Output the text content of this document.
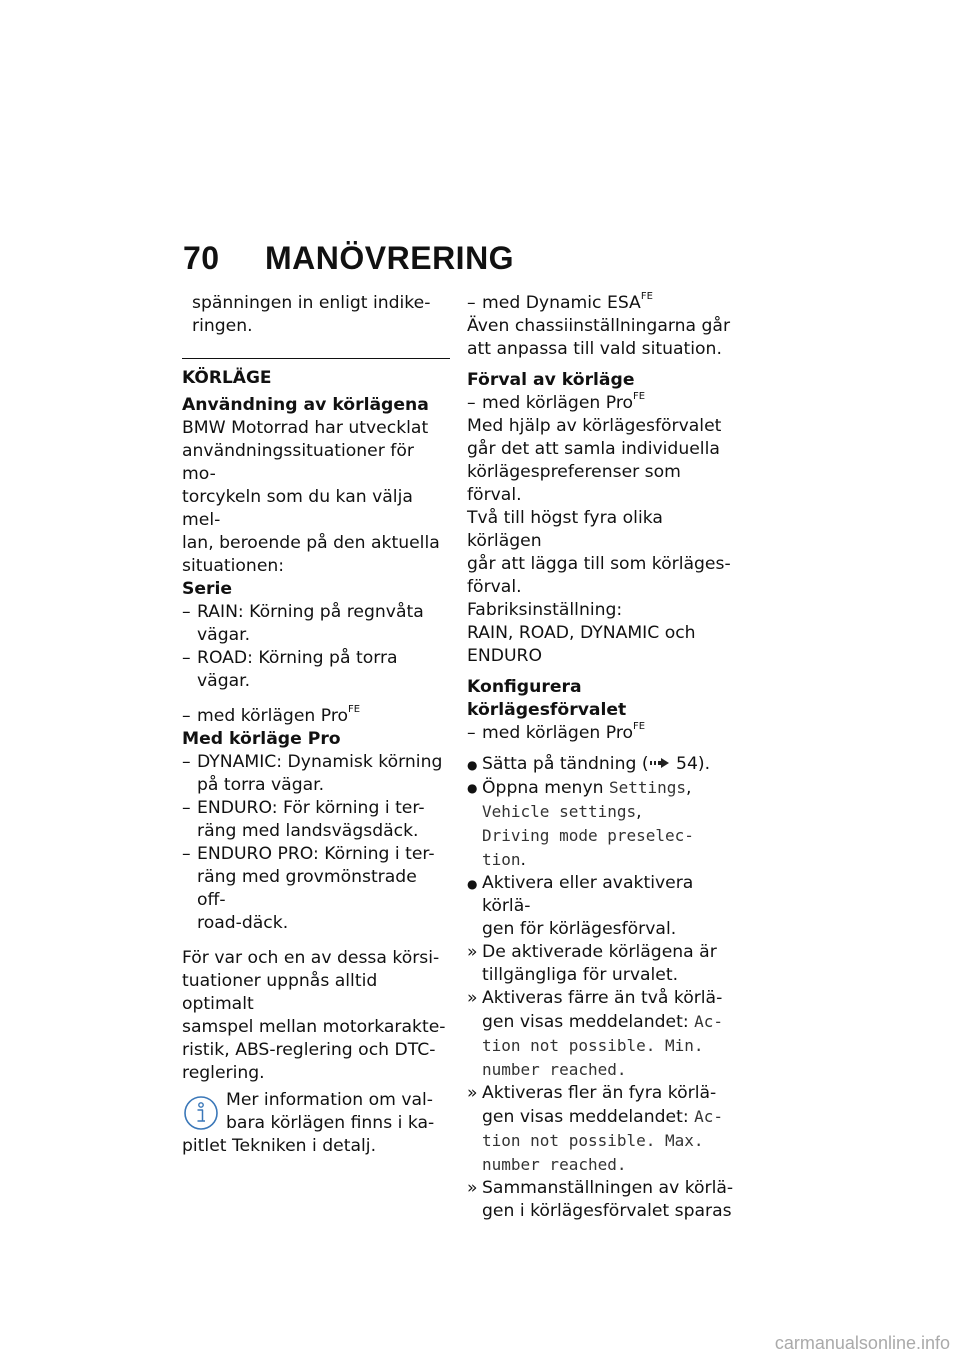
70 MANÖVRERING

spänningen in enligt indike-
ringen.

KÖRLÄGE

Användning av körlägena

BMW Motorrad har utvecklat
användningssituationer för mo-
torcykeln som du kan välja mel-
lan, beroende på den aktuella
situationen:

Serie

– RAIN: Körning på regnvåta
vägar.
– ROAD: Körning på torra vägar.

– med körlägen Pro$^{FE}$

Med körläge Pro

– DYNAMIC: Dynamisk körning
på torra vägar.
– ENDURO: För körning i ter-
räng med landsvägsdäck.
– ENDURO PRO: Körning i ter-
räng med grovmönstrade off-
road-däck.

För var och en av dessa körsi-
tuationer uppnås alltid optimalt
samspel mellan motorkarakte-
ristik, ABS-reglering och DTC-
reglering.

Mer information om val-
bara körlägen finns i ka-
pitlet Tekniken i detalj.

– med Dynamic $ESA^{FE}$

Även chassiinställningarna går
att anpassa till vald situation.

Förval av körläge

– med körlägen Pro$^{FE}$

Med hjälp av körlägesförvalet
går det att samla individuella
körlägespreferenser som förval.
Två till högst fyra olika körlägen
går att lägga till som körläges-
förval.
Fabriksinställning:
RAIN, ROAD, DYNAMIC och
ENDURO

Konfigurera körlägesförvalet

– med körlägen Pro$^{FE}$

● Sätta på tändning ( 54).
● Öppna menyn Settings,
Vehicle settings,
Driving mode preselec-
tion.
● Aktivera eller avaktivera körlä-
gen för körlägesförval.
» De aktiverade körlägena är
tillgängliga för urvalet.
» Aktiveras färre än två körlä-
gen visas meddelandet: Ac-
tion not possible. Min.
number reached.
» Aktiveras fler än fyra körlä-
gen visas meddelandet: Ac-
tion not possible. Max.
number reached.
» Sammanställningen av körlä-
gen i körlägesförvalet sparas
carmanualsonline.info
